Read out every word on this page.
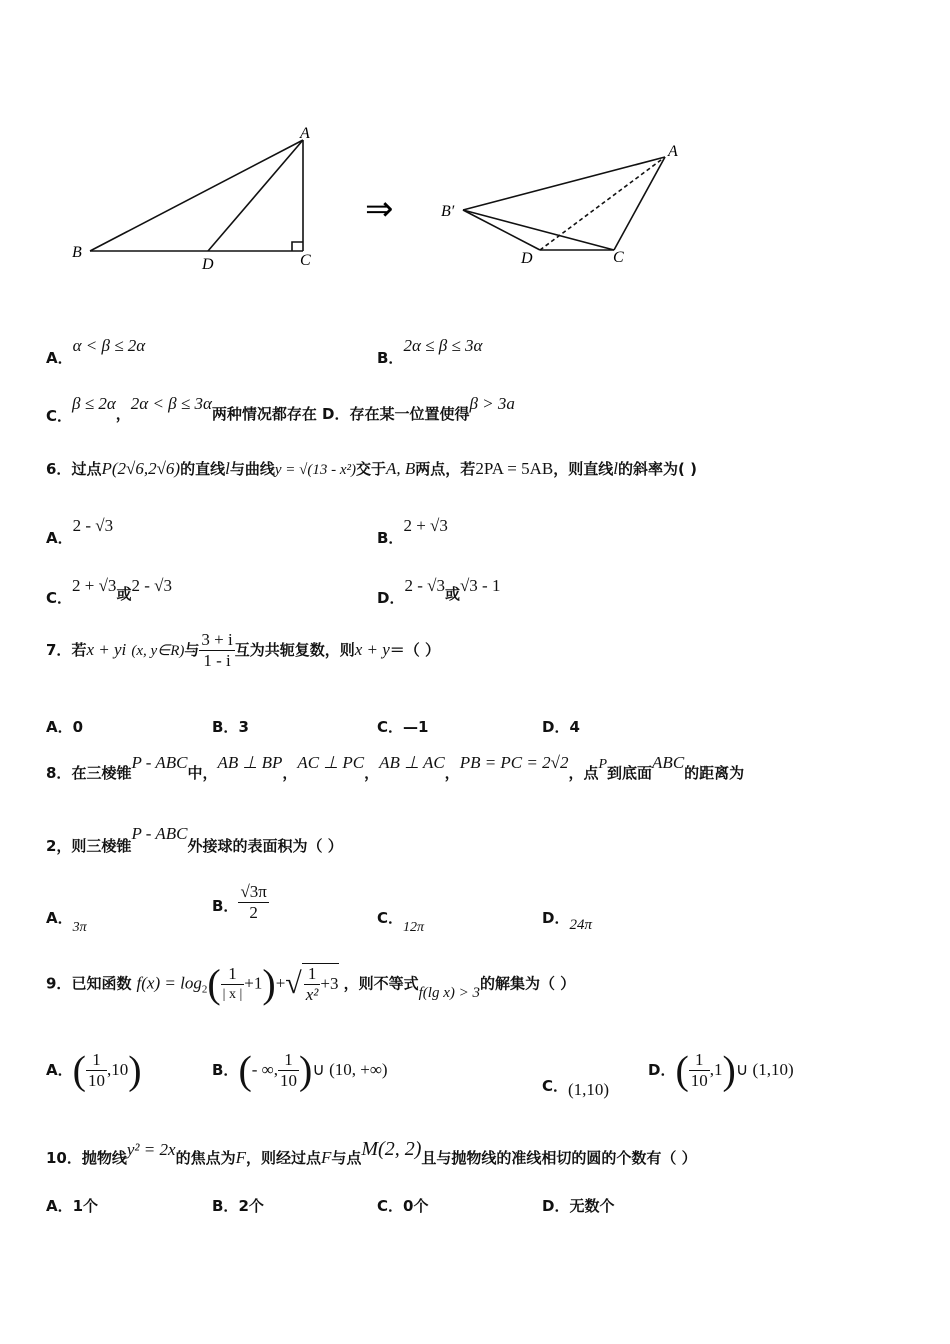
A
B
D	C
⇒
A
B′
D	C
A．α < β ≤ 2α
B．2α ≤ β ≤ 3α
C．β ≤ 2α，2α < β ≤ 3α两种情况都存在 D．存在某一位置使得β > 3a
6．过点P(2√6,2√6)的直线l与曲线y = √(13 - x²)交于A, B两点，若2PA = 5AB，则直线l的斜率为( )
A．2 - √3
B．2 + √3
C．2 + √3或2 - √3
D．2 - √3或√3 - 1
7．若x + yi (x, y∈R)与 $\frac{3 + i}{1 - i}$ 互为共轭复数，则x + y＝（ ）
A．0	B．3	C．—1	D．4
8．在三棱锥P - ABC中，AB ⊥ BP，AC ⊥ PC，AB ⊥ AC，PB = PC = 2√2，点P到底面ABC的距离为
2，则三棱锥P - ABC外接球的表面积为（ ）
A．3π
B． $\frac{√3\pi}{2}$	C．12π
D．24π
9．已知函数 $f(x) = \log_2( \frac{1}{| x |} +1)+√ \frac{1}{\text{x²}} +3$ ，则不等式f(lg x) > 3的解集为（ ）
A．( $\frac{1}{10} ,10$)	B．(- ∞, $\frac{1}{10}$ )∪ (10, +∞)
C．(1,10)
D．( $\frac{1}{10}$ ,1)∪ (1,10)
10．抛物线y² = 2x的焦点为F，则经过点F与点M(2, 2)且与抛物线的准线相切的圆的个数有（ ）
A．1个	B．2个	C．0个	D．无数个
